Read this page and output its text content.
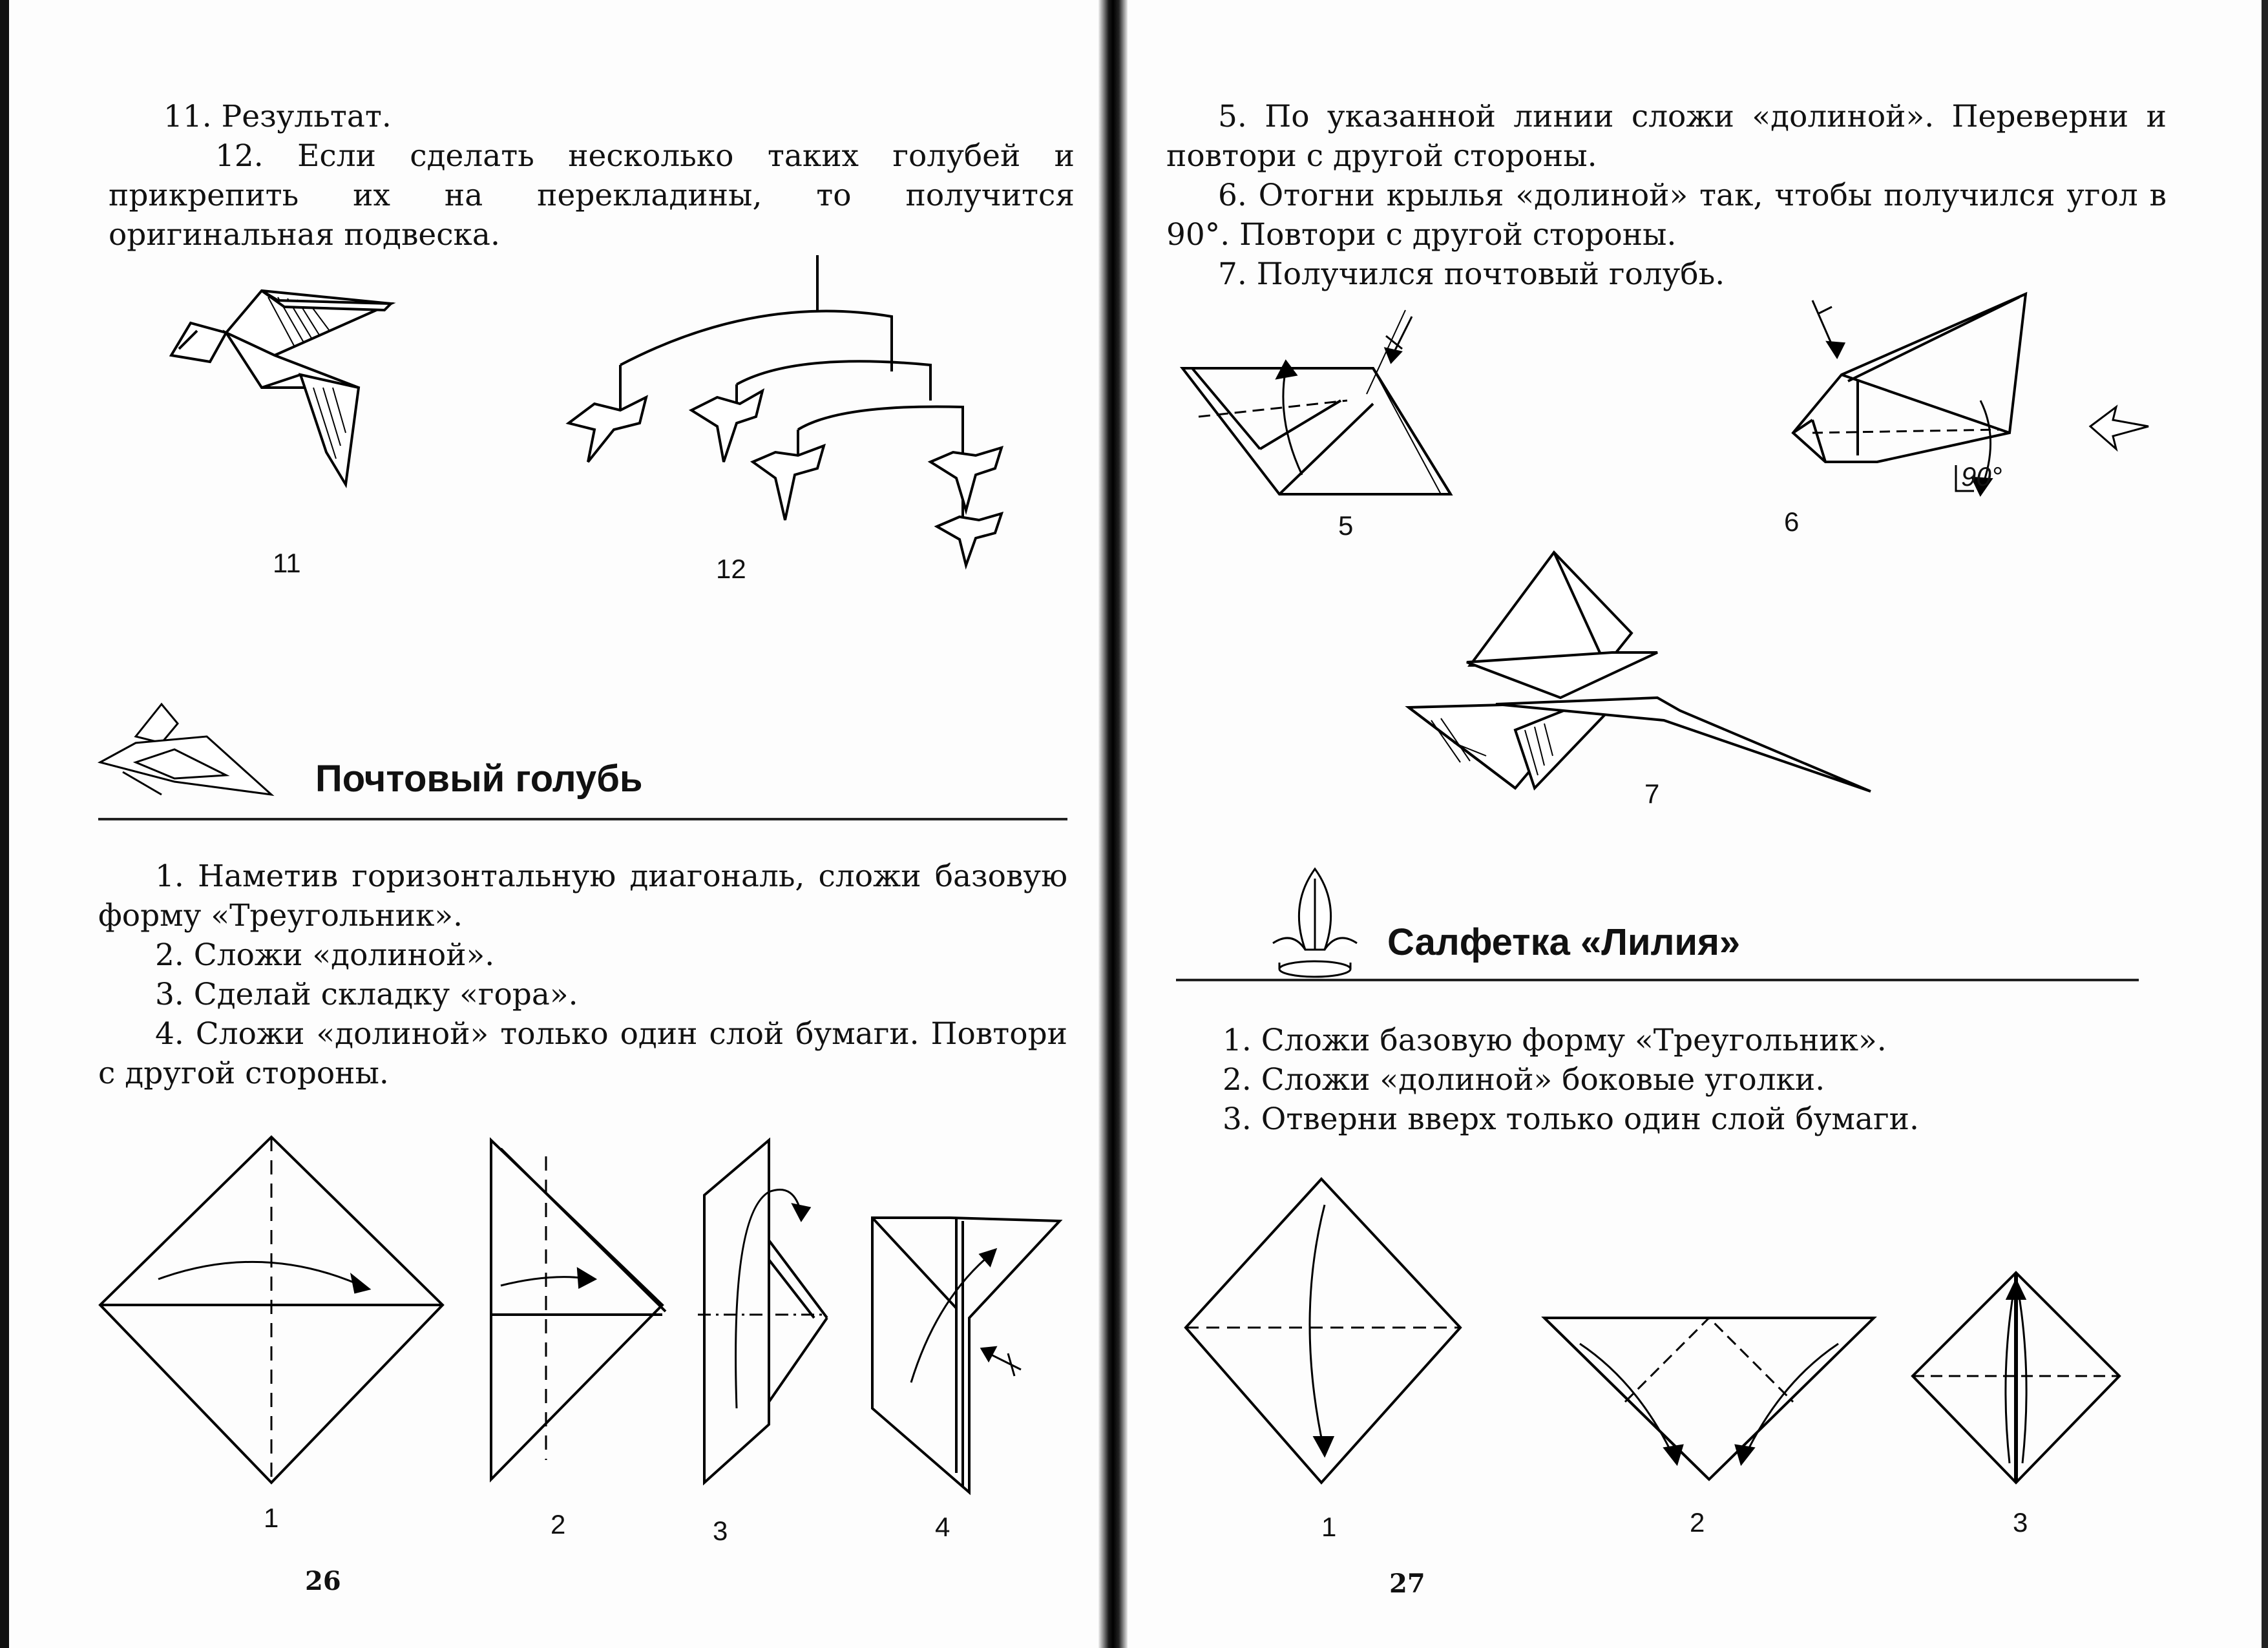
11. Результат.

12. Если сделать несколько таких голубей и прикрепить их на перекладины, то получится оригинальная подвеска.

11	12
Почтовый голубь

1. Наметив горизонтальную диагональ, сложи базовую форму «Треугольник».

2. Сложи «долиной».

3. Сделай складку «гора».

4. Сложи «долиной» только один слой бумаги. Повтори с другой стороны.

1	2	3	4
26

5. По указанной линии сложи «долиной». Переверни и повтори с другой стороны.

6. Отогни крылья «долиной» так, чтобы получился угол в 90°. Повтори с другой стороны.

7. Получился почтовый голубь.

5
90°
6
7
Салфетка «Лилия»

1. Сложи базовую форму «Треугольник».

2. Сложи «долиной» боковые уголки.

3. Отверни вверх только один слой бумаги.

1	2	3
27
